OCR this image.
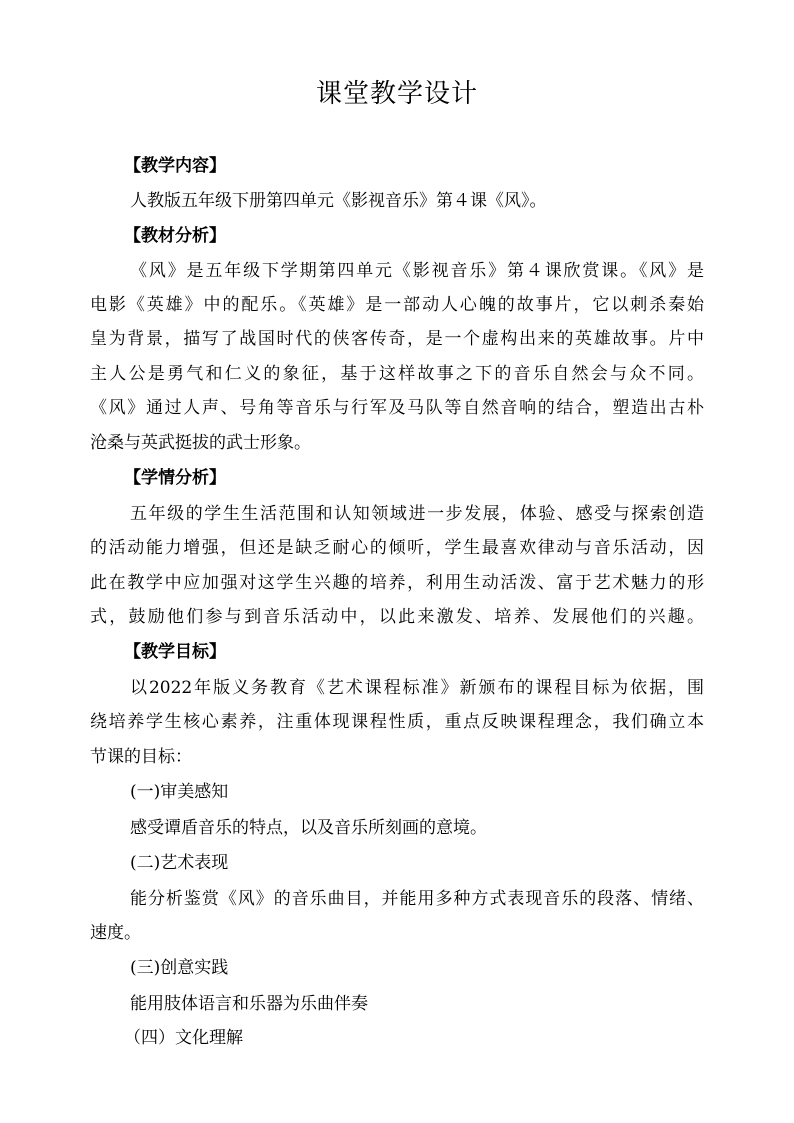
课堂教学设计
【教学内容】
人教版五年级下册第四单元《影视音乐》第４课《风》。
【教材分析】
《风》是五年级下学期第四单元《影视音乐》第４课欣赏课。《风》是
电影《英雄》中的配乐。《英雄》是一部动人心魄的故事片，它以刺杀秦始
皇为背景，描写了战国时代的侠客传奇，是一个虚构出来的英雄故事。片中
主人公是勇气和仁义的象征，基于这样故事之下的音乐自然会与众不同。
《风》通过人声、号角等音乐与行军及马队等自然音响的结合，塑造出古朴
沧桑与英武挺拔的武士形象。
【学情分析】
五年级的学生生活范围和认知领域进一步发展，体验、感受与探索创造
的活动能力增强，但还是缺乏耐心的倾听，学生最喜欢律动与音乐活动，因
此在教学中应加强对这学生兴趣的培养，利用生动活泼、富于艺术魅力的形
式，鼓励他们参与到音乐活动中，以此来激发、培养、发展他们的兴趣。
【教学目标】
以2022年版义务教育《艺术课程标准》新颁布的课程目标为依据，围
绕培养学生核心素养，注重体现课程性质，重点反映课程理念，我们确立本
节课的目标：
(一)审美感知
感受谭盾音乐的特点，以及音乐所刻画的意境。
(二)艺术表现
能分析鉴赏《风》的音乐曲目，并能用多种方式表现音乐的段落、情绪、
速度。
(三)创意实践
能用肢体语言和乐器为乐曲伴奏
（四）文化理解
